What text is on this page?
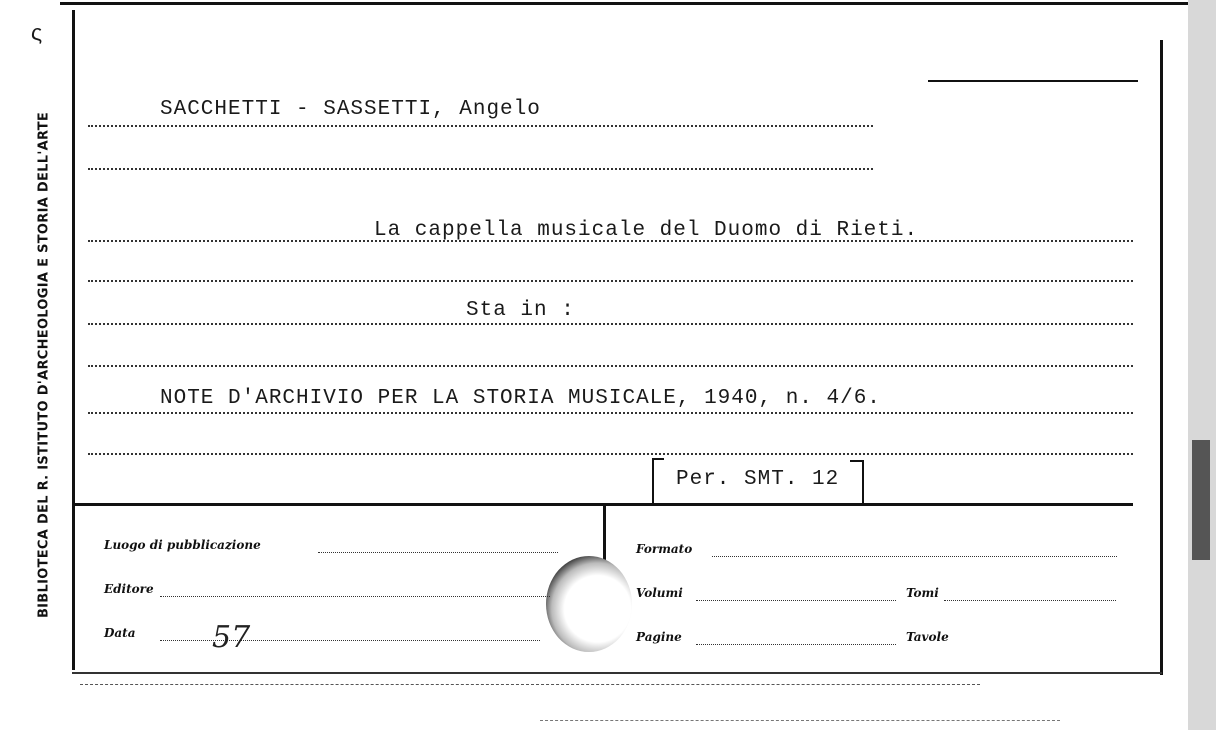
BIBLIOTECA DEL R. ISTITUTO D'ARCHEOLOGIA E STORIA DELL'ARTE
ς
SACCHETTI - SASSETTI, Angelo
La cappella musicale del Duomo di Rieti.
Sta in :
NOTE D'ARCHIVIO PER LA STORIA MUSICALE, 1940, n. 4/6.
Per. SMT. 12
Luogo di pubblicazione
Editore
Data	57
Formato
Volumi	Tomi
Pagine	Tavole
